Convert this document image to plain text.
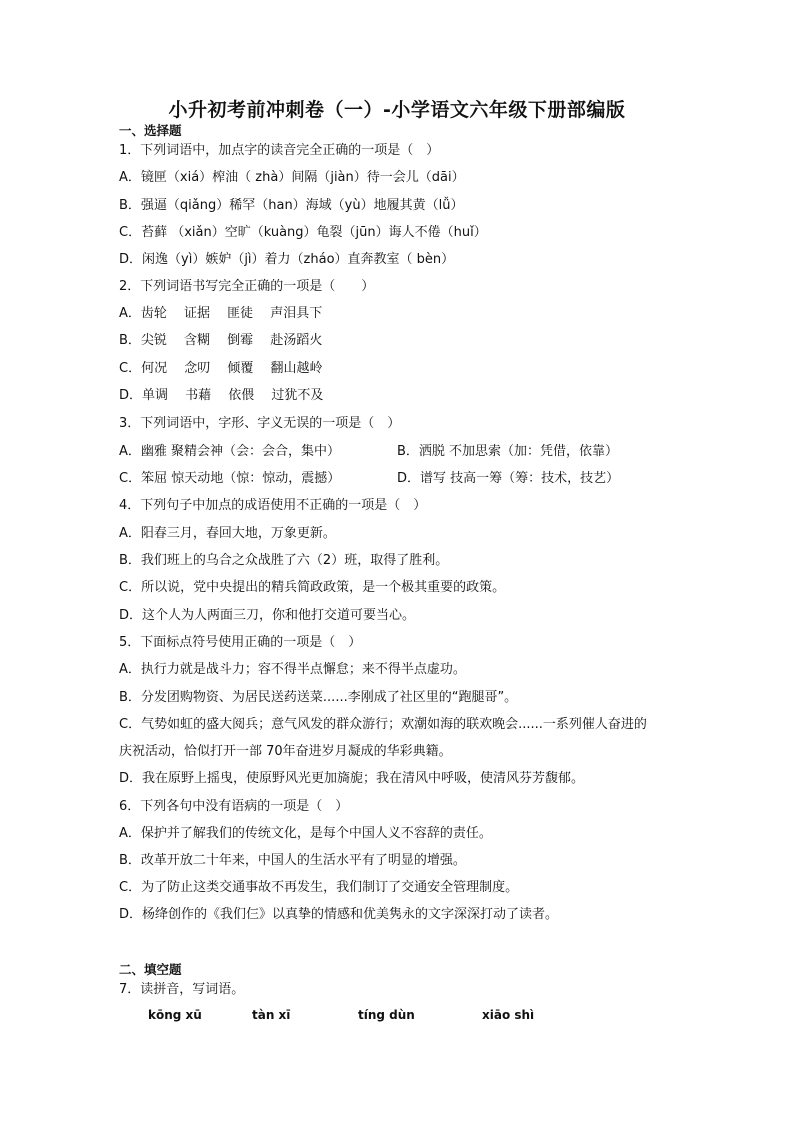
小升初考前冲刺卷（一）-小学语文六年级下册部编版
一、选择题
1．下列词语中，加点字的读音完全正确的一项是（　）
A．镜匣（xiá）榨油（ zhà）间隔（jiàn）待一会儿（dāi）
B．强逼（qiǎng）稀罕（han）海域（yù）地履其黄（lǚ）
C．苔藓 （xiǎn）空旷（kuàng）龟裂（jūn）诲人不倦（huǐ）
D．闲逸（yì）嫉妒（jì）着力（zháo）直奔教室（ bèn）
2．下列词语书写完全正确的一项是（　　）
A．齿轮　 证据　 匪徒　 声泪具下
B．尖锐　 含糊　 倒霉　 赴汤蹈火
C．何况　 念叨　 倾覆　 翻山越岭
D．单调　 书藉　 依偎　 过犹不及
3．下列词语中，字形、字义无误的一项是（　）
A．幽雅 聚精会神（会：会合，集中）	B．洒脱 不加思索（加：凭借，依靠）
C．笨屈 惊天动地（惊：惊动，震撼）	D．谱写 技高一筹（筹：技术，技艺）
4．下列句子中加点的成语使用不正确的一项是（　）
A．阳春三月，春回大地，万象更新。
B．我们班上的乌合之众战胜了六（2）班，取得了胜利。
C．所以说，党中央提出的精兵简政政策，是一个极其重要的政策。
D．这个人为人两面三刀，你和他打交道可要当心。
5．下面标点符号使用正确的一项是（　）
A．执行力就是战斗力；容不得半点懈怠；来不得半点虚功。
B．分发团购物资、为居民送药送菜......李刚成了社区里的“跑腿哥”。
C．气势如虹的盛大阅兵；意气风发的群众游行；欢潮如海的联欢晚会......一系列催人奋进的
庆祝活动，恰似打开一部 70年奋进岁月凝成的华彩典籍。
D．我在原野上摇曳，使原野风光更加旖旎；我在清风中呼吸，使清风芬芳馥郁。
6．下列各句中没有语病的一项是（　）
A．保护并了解我们的传统文化，是每个中国人义不容辞的责任。
B．改革开放二十年来，中国人的生活水平有了明显的增强。
C．为了防止这类交通事故不再发生，我们制订了交通安全管理制度。
D．杨绛创作的《我们仨》以真挚的情感和优美隽永的文字深深打动了读者。
二、填空题
7．读拼音，写词语。
kōng xū	tàn xī	tíng dùn	xiāo shì
